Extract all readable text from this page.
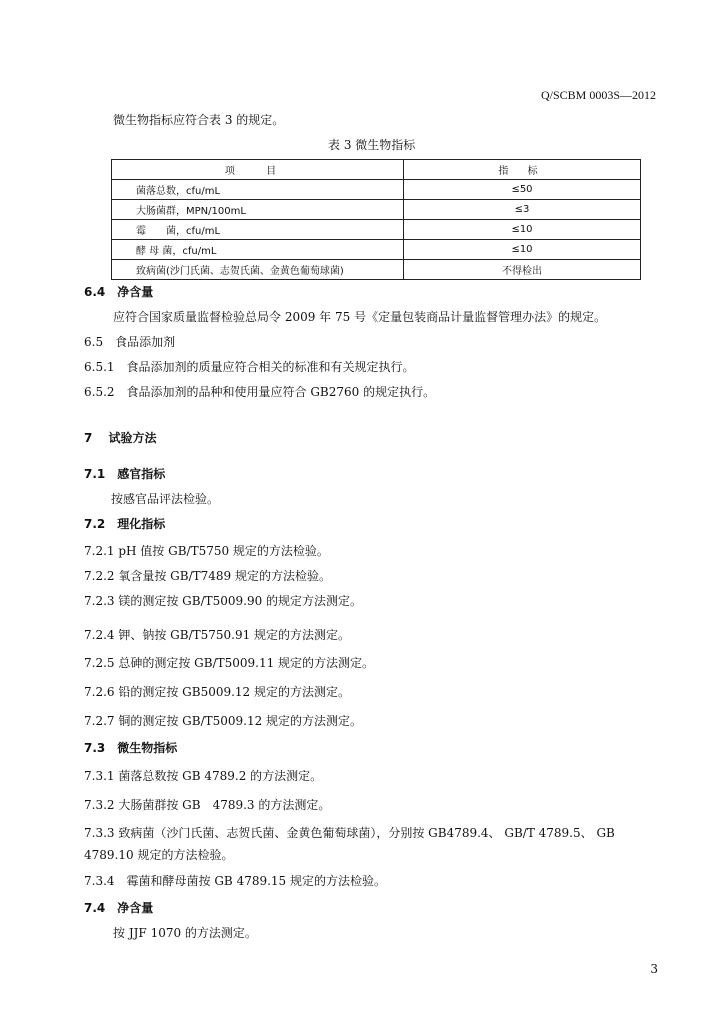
Q/SCBM 0003S—2012
微生物指标应符合表 3 的规定。
表 3 微生物指标
项 目	指 标
菌落总数，cfu/mL	≤50
大肠菌群，MPN/100mL	≤3
霉　　菌，cfu/mL	≤10
酵 母 菌，cfu/mL	≤10
致病菌(沙门氏菌、志贺氏菌、金黄色葡萄球菌)	不得检出
6.4　净含量
应符合国家质量监督检验总局令 2009 年 75 号《定量包装商品计量监督管理办法》的规定。
6.5　食品添加剂
6.5.1　食品添加剂的质量应符合相关的标准和有关规定执行。
6.5.2　食品添加剂的品种和使用量应符合 GB2760 的规定执行。
7　 试验方法
7.1　感官指标
按感官品评法检验。
7.2　理化指标
7.2.1 pH 值按 GB/T5750 规定的方法检验。
7.2.2 氧含量按 GB/T7489 规定的方法检验。
7.2.3 镁的测定按 GB/T5009.90 的规定方法测定。
7.2.4 钾、钠按 GB/T5750.91 规定的方法测定。
7.2.5 总砷的测定按 GB/T5009.11 规定的方法测定。
7.2.6 铅的测定按 GB5009.12 规定的方法测定。
7.2.7 铜的测定按 GB/T5009.12 规定的方法测定。
7.3　微生物指标
7.3.1 菌落总数按 GB 4789.2 的方法测定。
7.3.2 大肠菌群按 GB　4789.3 的方法测定。
7.3.3 致病菌（沙门氏菌、志贺氏菌、金黄色葡萄球菌），分别按 GB4789.4、 GB/T 4789.5、 GB 4789.10 规定的方法检验。
7.3.4　霉菌和酵母菌按 GB 4789.15 规定的方法检验。
7.4　净含量
按 JJF 1070 的方法测定。
3
